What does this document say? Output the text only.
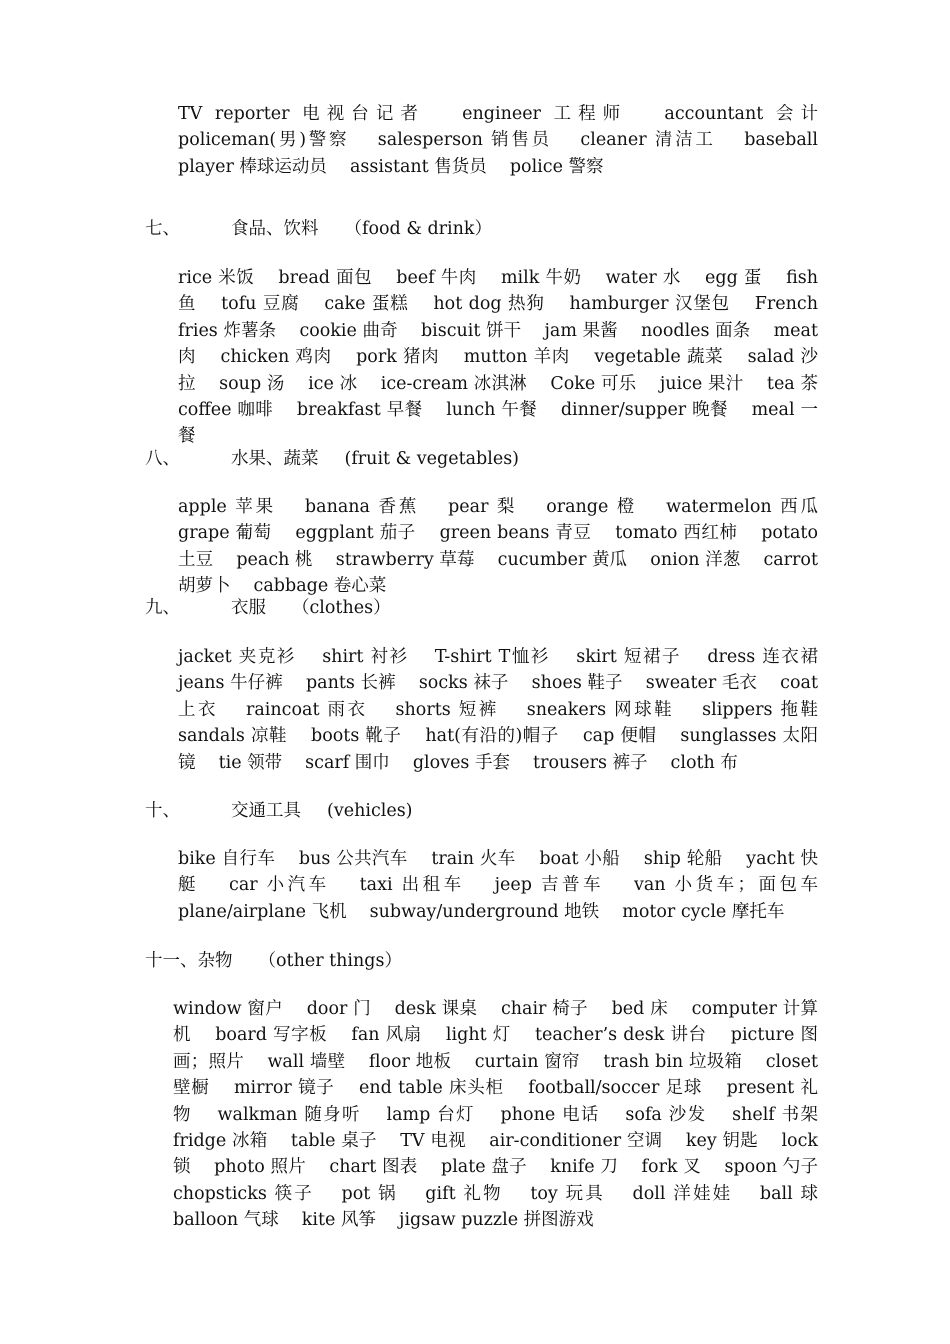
TV reporter 电视台记者　 engineer 工程师　 accountant 会计　 policeman(男)警察　 salesperson 销售员　 cleaner 清洁工　 baseball player 棒球运动员　 assistant 售货员　 police 警察

七、	食品、饮料 （food & drink）

rice 米饭　 bread 面包　 beef 牛肉　 milk 牛奶　 water 水　 egg 蛋　 fish 鱼　 tofu 豆腐　 cake 蛋糕　 hot dog 热狗　 hamburger 汉堡包　 French fries 炸薯条　 cookie 曲奇　 biscuit 饼干　 jam 果酱　 noodles 面条　 meat 肉　 chicken 鸡肉　 pork 猪肉　 mutton 羊肉　 vegetable 蔬菜　 salad 沙拉　 soup 汤　 ice 冰　 ice-cream 冰淇淋　 Coke 可乐　 juice 果汁　 tea 茶　 coffee 咖啡　 breakfast 早餐　 lunch 午餐　 dinner/supper 晚餐　 meal 一餐

八、	水果、蔬菜 (fruit & vegetables)

apple 苹果　 banana 香蕉　 pear 梨　 orange 橙　 watermelon 西瓜　 grape 葡萄　 eggplant 茄子　 green beans 青豆　 tomato 西红柿　 potato 土豆　 peach 桃　 strawberry 草莓　 cucumber 黄瓜　 onion 洋葱　 carrot 胡萝卜　 cabbage 卷心菜

九、	衣服 （clothes）

jacket 夹克衫　 shirt 衬衫　 T-shirt T恤衫　 skirt 短裙子　 dress 连衣裙　 jeans 牛仔裤　 pants 长裤　 socks 袜子　 shoes 鞋子　 sweater 毛衣　 coat 上衣　 raincoat 雨衣　 shorts 短裤　 sneakers 网球鞋　 slippers 拖鞋　 sandals 凉鞋　 boots 靴子　 hat(有沿的)帽子　 cap 便帽　 sunglasses 太阳镜　 tie 领带　 scarf 围巾　 gloves 手套　 trousers 裤子　 cloth 布

十、	交通工具 (vehicles)

bike 自行车　 bus 公共汽车　 train 火车　 boat 小船　 ship 轮船　 yacht 快艇　 car 小汽车　 taxi 出租车　 jeep 吉普车　 van 小货车；面包车　 plane/airplane 飞机　 subway/underground 地铁　 motor cycle 摩托车

十一、杂物 （other things）

window 窗户　 door 门　 desk 课桌　 chair 椅子　 bed 床　 computer 计算机　 board 写字板　 fan 风扇　 light 灯　 teacher’s desk 讲台　 picture 图画；照片　 wall 墙壁　 floor 地板　 curtain 窗帘　 trash bin 垃圾箱　 closet 壁橱　 mirror 镜子　 end table 床头柜　 football/soccer 足球　 present 礼物　 walkman 随身听　 lamp 台灯　 phone 电话　 sofa 沙发　 shelf 书架　 fridge 冰箱　 table 桌子　 TV 电视　 air-conditioner 空调　 key 钥匙　 lock 锁　 photo 照片　 chart 图表　 plate 盘子　 knife 刀　 fork 叉　 spoon 勺子　 chopsticks 筷子　 pot 锅　 gift 礼物　 toy 玩具　 doll 洋娃娃　 ball 球　 balloon 气球　 kite 风筝　 jigsaw puzzle 拼图游戏
